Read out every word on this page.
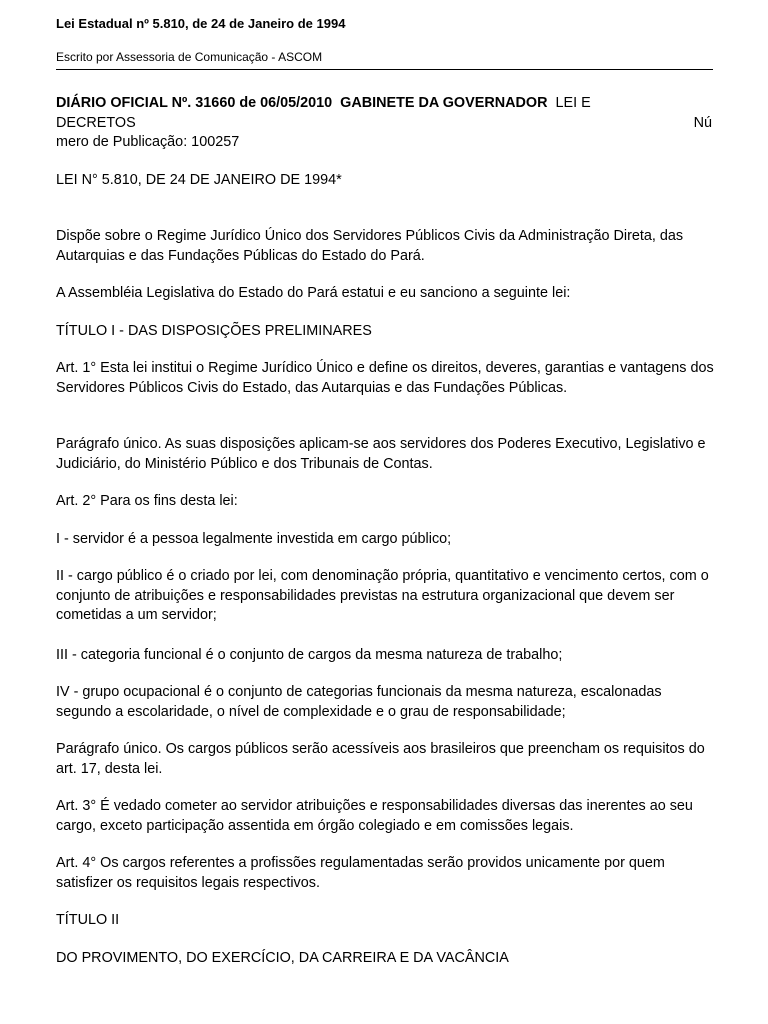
Lei Estadual nº 5.810, de 24 de Janeiro de 1994
Escrito por Assessoria de Comunicação - ASCOM

DIÁRIO OFICIAL Nº. 31660 de 06/05/2010 GABINETE DA GOVERNADOR LEI E
DECRETOS	Nú

mero de Publicação: 100257

LEI N° 5.810, DE 24 DE JANEIRO DE 1994*

Dispõe sobre o Regime Jurídico Único dos Servidores Públicos Civis da Administração Direta, das Autarquias e das Fundações Públicas do Estado do Pará.

A Assembléia Legislativa do Estado do Pará estatui e eu sanciono a seguinte lei:

TÍTULO I - DAS DISPOSIÇÕES PRELIMINARES

Art. 1° Esta lei institui o Regime Jurídico Único e define os direitos, deveres, garantias e vantagens dos Servidores Públicos Civis do Estado, das Autarquias e das Fundações Públicas.

Parágrafo único. As suas disposições aplicam-se aos servidores dos Poderes Executivo, Legislativo e Judiciário, do Ministério Público e dos Tribunais de Contas.

Art. 2° Para os fins desta lei:

I - servidor é a pessoa legalmente investida em cargo público;

II - cargo público é o criado por lei, com denominação própria, quantitativo e vencimento certos, com o conjunto de atribuições e responsabilidades previstas na estrutura organizacional que devem ser cometidas a um servidor;

III - categoria funcional é o conjunto de cargos da mesma natureza de trabalho;

IV - grupo ocupacional é o conjunto de categorias funcionais da mesma natureza, escalonadas segundo a escolaridade, o nível de complexidade e o grau de responsabilidade;

Parágrafo único. Os cargos públicos serão acessíveis aos brasileiros que preencham os requisitos do art. 17, desta lei.

Art. 3° É vedado cometer ao servidor atribuições e responsabilidades diversas das inerentes ao seu cargo, exceto participação assentida em órgão colegiado e em comissões legais.

Art. 4° Os cargos referentes a profissões regulamentadas serão providos unicamente por quem satisfizer os requisitos legais respectivos.

TÍTULO II

DO PROVIMENTO, DO EXERCÍCIO, DA CARREIRA E DA VACÂNCIA
